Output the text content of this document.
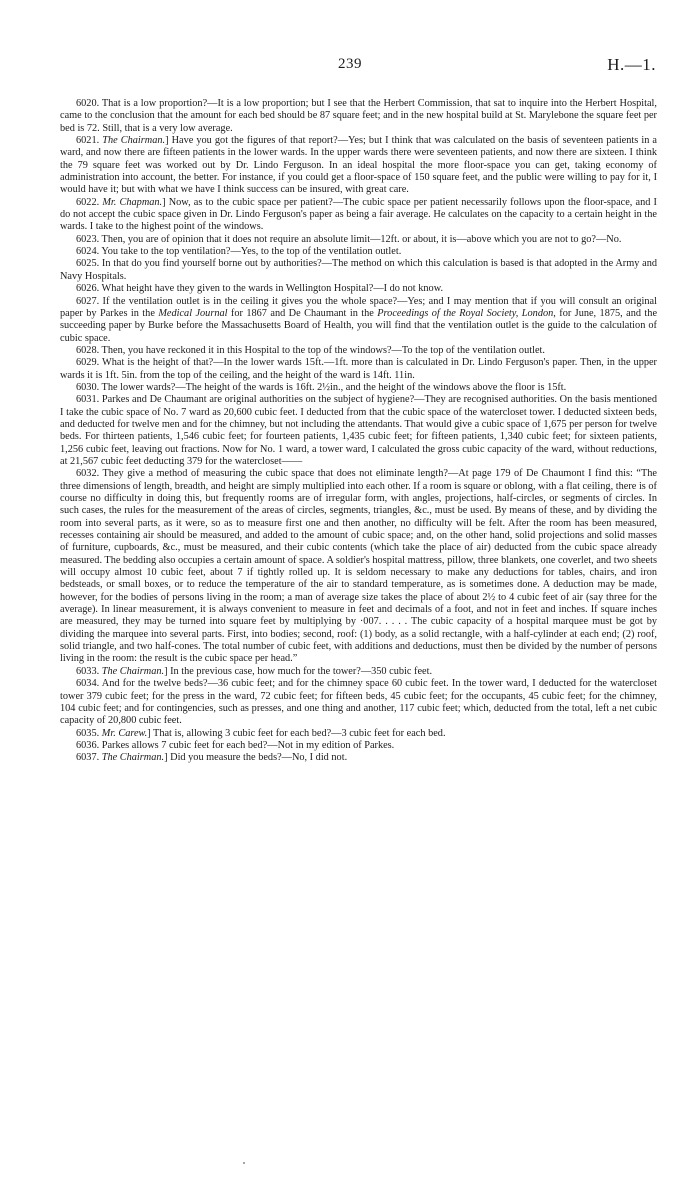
239	H.—1.

6020. That is a low proportion?—It is a low proportion; but I see that the Herbert Commission, that sat to inquire into the Herbert Hospital, came to the conclusion that the amount for each bed should be 87 square feet; and in the new hospital build at St. Marylebone the square feet per bed is 72. Still, that is a very low average.

6021. The Chairman.] Have you got the figures of that report?—Yes; but I think that was calculated on the basis of seventeen patients in a ward, and now there are fifteen patients in the lower wards. In the upper wards there were seventeen patients, and now there are sixteen. I think the 79 square feet was worked out by Dr. Lindo Ferguson. In an ideal hospital the more floor-space you can get, taking economy of administration into account, the better. For instance, if you could get a floor-space of 150 square feet, and the public were willing to pay for it, I would have it; but with what we have I think success can be insured, with great care.

6022. Mr. Chapman.] Now, as to the cubic space per patient?—The cubic space per patient necessarily follows upon the floor-space, and I do not accept the cubic space given in Dr. Lindo Ferguson's paper as being a fair average. He calculates on the capacity to a certain height in the wards. I take to the highest point of the windows.

6023. Then, you are of opinion that it does not require an absolute limit—12ft. or about, it is—above which you are not to go?—No.

6024. You take to the top ventilation?—Yes, to the top of the ventilation outlet.

6025. In that do you find yourself borne out by authorities?—The method on which this calculation is based is that adopted in the Army and Navy Hospitals.

6026. What height have they given to the wards in Wellington Hospital?—I do not know.

6027. If the ventilation outlet is in the ceiling it gives you the whole space?—Yes; and I may mention that if you will consult an original paper by Parkes in the Medical Journal for 1867 and De Chaumant in the Proceedings of the Royal Society, London, for June, 1875, and the succeeding paper by Burke before the Massachusetts Board of Health, you will find that the ventilation outlet is the guide to the calculation of cubic space.

6028. Then, you have reckoned it in this Hospital to the top of the windows?—To the top of the ventilation outlet.

6029. What is the height of that?—In the lower wards 15ft.—1ft. more than is calculated in Dr. Lindo Ferguson's paper. Then, in the upper wards it is 1ft. 5in. from the top of the ceiling, and the height of the ward is 14ft. 11in.

6030. The lower wards?—The height of the wards is 16ft. 2½in., and the height of the windows above the floor is 15ft.

6031. Parkes and De Chaumant are original authorities on the subject of hygiene?—They are recognised authorities. On the basis mentioned I take the cubic space of No. 7 ward as 20,600 cubic feet. I deducted from that the cubic space of the watercloset tower. I deducted sixteen beds, and deducted for twelve men and for the chimney, but not including the attendants. That would give a cubic space of 1,675 per person for twelve beds. For thirteen patients, 1,546 cubic feet; for fourteen patients, 1,435 cubic feet; for fifteen patients, 1,340 cubic feet; for sixteen patients, 1,256 cubic feet, leaving out fractions. Now for No. 1 ward, a tower ward, I calculated the gross cubic capacity of the ward, without reductions, at 21,567 cubic feet deducting 379 for the watercloset——

6032. They give a method of measuring the cubic space that does not eliminate length?—At page 179 of De Chaumont I find this: “The three dimensions of length, breadth, and height are simply multiplied into each other. If a room is square or oblong, with a flat ceiling, there is of course no difficulty in doing this, but frequently rooms are of irregular form, with angles, projections, half-circles, or segments of circles. In such cases, the rules for the measurement of the areas of circles, segments, triangles, &c., must be used. By means of these, and by dividing the room into several parts, as it were, so as to measure first one and then another, no difficulty will be felt. After the room has been measured, recesses containing air should be measured, and added to the amount of cubic space; and, on the other hand, solid projections and solid masses of furniture, cupboards, &c., must be measured, and their cubic contents (which take the place of air) deducted from the cubic space already measured. The bedding also occupies a certain amount of space. A soldier's hospital mattress, pillow, three blankets, one coverlet, and two sheets will occupy almost 10 cubic feet, about 7 if tightly rolled up. It is seldom necessary to make any deductions for tables, chairs, and iron bedsteads, or small boxes, or to reduce the temperature of the air to standard temperature, as is sometimes done. A deduction may be made, however, for the bodies of persons living in the room; a man of average size takes the place of about 2½ to 4 cubic feet of air (say three for the average). In linear measurement, it is always convenient to measure in feet and decimals of a foot, and not in feet and inches. If square inches are measured, they may be turned into square feet by multiplying by ·007. . . . . The cubic capacity of a hospital marquee must be got by dividing the marquee into several parts. First, into bodies; second, roof: (1) body, as a solid rectangle, with a half-cylinder at each end; (2) roof, solid triangle, and two half-cones. The total number of cubic feet, with additions and deductions, must then be divided by the number of persons living in the room: the result is the cubic space per head.”

6033. The Chairman.] In the previous case, how much for the tower?—350 cubic feet.

6034. And for the twelve beds?—36 cubic feet; and for the chimney space 60 cubic feet. In the tower ward, I deducted for the watercloset tower 379 cubic feet; for the press in the ward, 72 cubic feet; for fifteen beds, 45 cubic feet; for the occupants, 45 cubic feet; for the chimney, 104 cubic feet; and for contingencies, such as presses, and one thing and another, 117 cubic feet; which, deducted from the total, left a net cubic capacity of 20,800 cubic feet.

6035. Mr. Carew.] That is, allowing 3 cubic feet for each bed?—3 cubic feet for each bed.

6036. Parkes allows 7 cubic feet for each bed?—Not in my edition of Parkes.

6037. The Chairman.] Did you measure the beds?—No, I did not.
